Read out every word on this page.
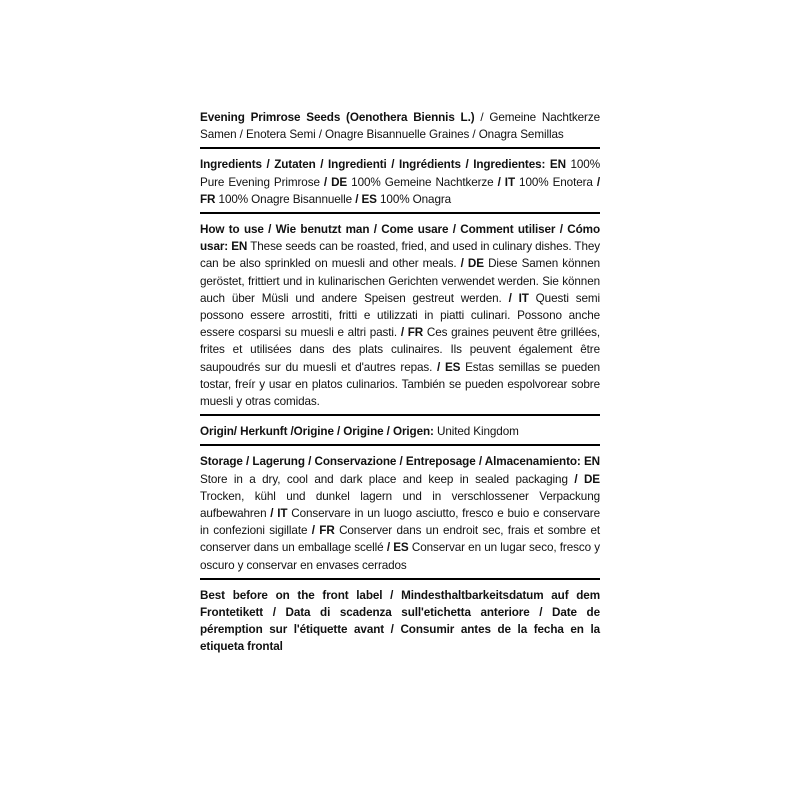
Evening Primrose Seeds (Oenothera Biennis L.) / Gemeine Nachtkerze Samen / Enotera Semi / Onagre Bisannuelle Graines / Onagra Semillas

Ingredients / Zutaten / Ingredienti / Ingrédients / Ingredientes: EN 100% Pure Evening Primrose / DE 100% Gemeine Nachtkerze / IT 100% Enotera / FR 100% Onagre Bisannuelle / ES 100% Onagra

How to use / Wie benutzt man / Come usare / Comment utiliser / Cómo usar: EN These seeds can be roasted, fried, and used in culinary dishes. They can be also sprinkled on muesli and other meals. / DE Diese Samen können geröstet, frittiert und in kulinarischen Gerichten verwendet werden. Sie können auch über Müsli und andere Speisen gestreut werden. / IT Questi semi possono essere arrostiti, fritti e utilizzati in piatti culinari. Possono anche essere cosparsi su muesli e altri pasti. / FR Ces graines peuvent être grillées, frites et utilisées dans des plats culinaires. Ils peuvent également être saupoudrés sur du muesli et d'autres repas. / ES Estas semillas se pueden tostar, freír y usar en platos culinarios. También se pueden espolvorear sobre muesli y otras comidas.

Origin/ Herkunft /Origine / Origine / Origen: United Kingdom

Storage / Lagerung / Conservazione / Entreposage / Almacenamiento: EN Store in a dry, cool and dark place and keep in sealed packaging / DE Trocken, kühl und dunkel lagern und in verschlossener Verpackung aufbewahren / IT Conservare in un luogo asciutto, fresco e buio e conservare in confezioni sigillate / FR Conserver dans un endroit sec, frais et sombre et conserver dans un emballage scellé / ES Conservar en un lugar seco, fresco y oscuro y conservar en envases cerrados

Best before on the front label / Mindesthaltbarkeitsdatum auf dem Frontetikett / Data di scadenza sull'etichetta anteriore / Date de péremption sur l'étiquette avant / Consumir antes de la fecha en la etiqueta frontal
